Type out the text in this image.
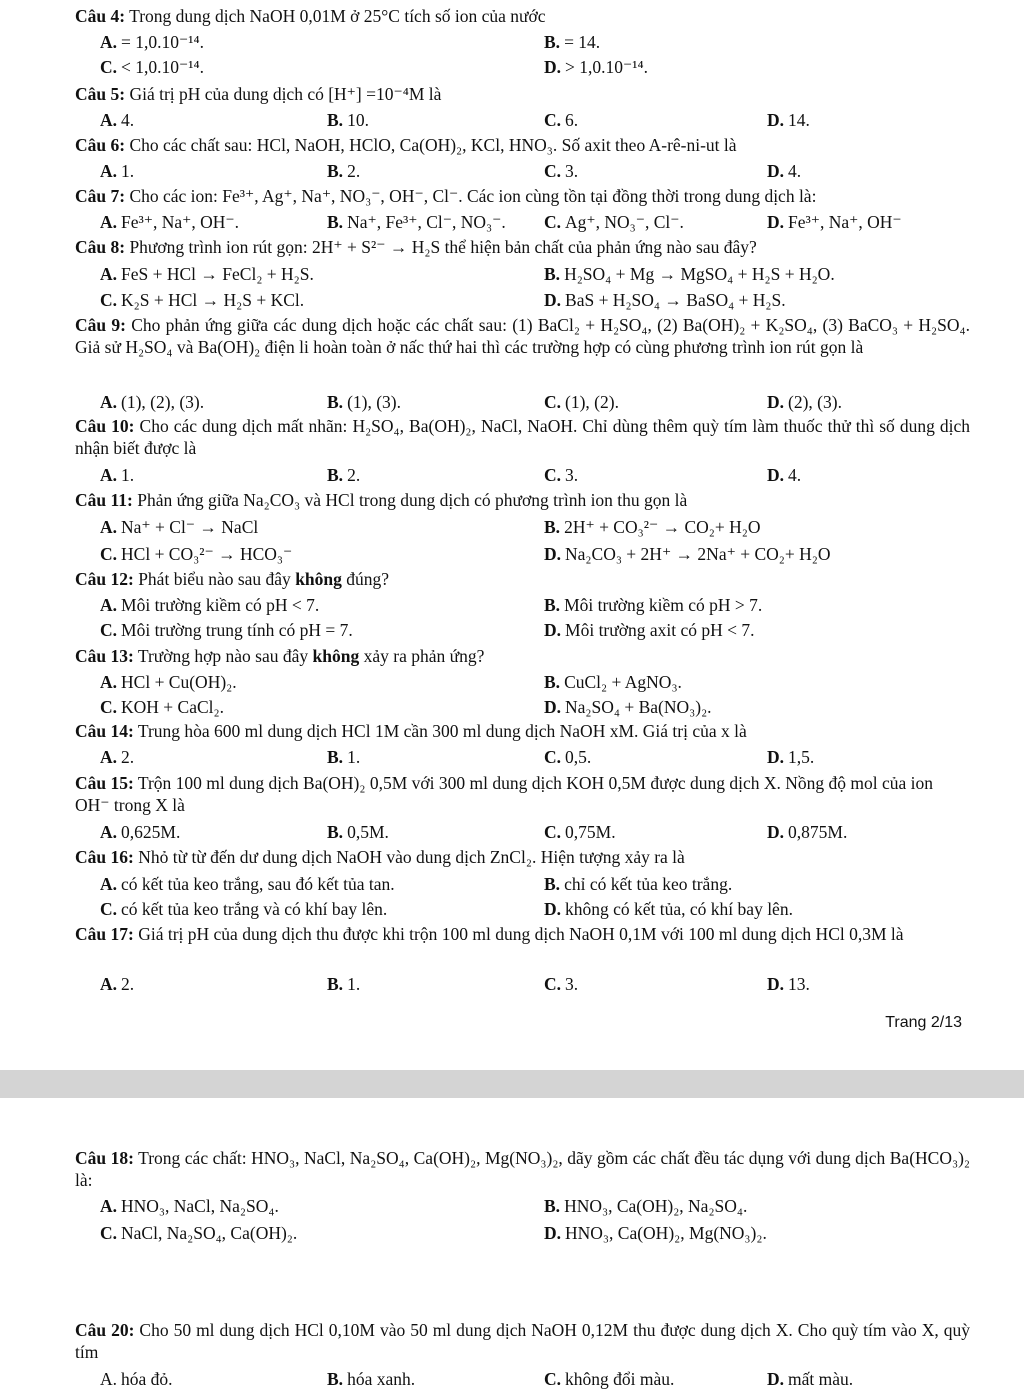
Câu 4: Trong dung dịch NaOH 0,01M ở 25°C tích số ion của nước
A. = 1,0.10⁻¹⁴.	B. = 14.
C. < 1,0.10⁻¹⁴.	D. > 1,0.10⁻¹⁴.
Câu 5: Giá trị pH của dung dịch có [H⁺] =10⁻⁴M là
A. 4.	B. 10.	C. 6.	D. 14.
Câu 6: Cho các chất sau: HCl, NaOH, HClO, Ca(OH)₂, KCl, HNO₃. Số axit theo A-rê-ni-ut là
A. 1.	B. 2.	C. 3.	D. 4.
Câu 7: Cho các ion: Fe³⁺, Ag⁺, Na⁺, NO₃⁻, OH⁻, Cl⁻. Các ion cùng tồn tại đồng thời trong dung dịch là:
A. Fe³⁺, Na⁺, OH⁻.	B. Na⁺, Fe³⁺, Cl⁻, NO₃⁻. C. Ag⁺, NO₃⁻, Cl⁻.	D. Fe³⁺, Na⁺, OH⁻
Câu 8: Phương trình ion rút gọn: 2H⁺ + S²⁻ → H₂S thể hiện bản chất của phản ứng nào sau đây?
A. FeS + HCl → FeCl₂ + H₂S.	B. H₂SO₄ + Mg → MgSO₄ + H₂S + H₂O.
C. K₂S + HCl → H₂S + KCl.	D. BaS + H₂SO₄ → BaSO₄ + H₂S.
Câu 9: Cho phản ứng giữa các dung dịch hoặc các chất sau: (1) BaCl₂ + H₂SO₄, (2) Ba(OH)₂ + K₂SO₄, (3) BaCO₃ + H₂SO₄. Giả sử H₂SO₄ và Ba(OH)₂ điện li hoàn toàn ở nấc thứ hai thì các trường hợp có cùng phương trình ion rút gọn là
A. (1), (2), (3).	B. (1), (3).	C. (1), (2).	D. (2), (3).
Câu 10: Cho các dung dịch mất nhãn: H₂SO₄, Ba(OH)₂, NaCl, NaOH. Chỉ dùng thêm quỳ tím làm thuốc thử thì số dung dịch nhận biết được là
A. 1.	B. 2.	C. 3.	D. 4.
Câu 11: Phản ứng giữa Na₂CO₃ và HCl trong dung dịch có phương trình ion thu gọn là
A. Na⁺ + Cl⁻ → NaCl	B. 2H⁺ + CO₃²⁻ → CO₂+ H₂O
C. HCl + CO₃²⁻ → HCO₃⁻	D. Na₂CO₃ + 2H⁺ → 2Na⁺ + CO₂+ H₂O
Câu 12: Phát biểu nào sau đây không đúng?
A. Môi trường kiềm có pH < 7.	B. Môi trường kiềm có pH > 7.
C. Môi trường trung tính có pH = 7.	D. Môi trường axit có pH < 7.
Câu 13: Trường hợp nào sau đây không xảy ra phản ứng?
A. HCl + Cu(OH)₂.	B. CuCl₂ + AgNO₃.
C. KOH + CaCl₂.	D. Na₂SO₄ + Ba(NO₃)₂.
Câu 14: Trung hòa 600 ml dung dịch HCl 1M cần 300 ml dung dịch NaOH xM. Giá trị của x là
A. 2.	B. 1.	C. 0,5.	D. 1,5.
Câu 15: Trộn 100 ml dung dịch Ba(OH)₂ 0,5M với 300 ml dung dịch KOH 0,5M được dung dịch X. Nồng độ mol của ion OH⁻ trong X là
A. 0,625M.	B. 0,5M.	C. 0,75M.	D. 0,875M.
Câu 16: Nhỏ từ từ đến dư dung dịch NaOH vào dung dịch ZnCl₂. Hiện tượng xảy ra là
A. có kết tủa keo trắng, sau đó kết tủa tan.	B. chỉ có kết tủa keo trắng.
C. có kết tủa keo trắng và có khí bay lên.	D. không có kết tủa, có khí bay lên.
Câu 17: Giá trị pH của dung dịch thu được khi trộn 100 ml dung dịch NaOH 0,1M với 100 ml dung dịch HCl 0,3M là
A. 2.	B. 1.	C. 3.	D. 13.
Trang 2/13
Câu 18: Trong các chất: HNO₃, NaCl, Na₂SO₄, Ca(OH)₂, Mg(NO₃)₂, dãy gồm các chất đều tác dụng với dung dịch Ba(HCO₃)₂ là:
A. HNO₃, NaCl, Na₂SO₄.	B. HNO₃, Ca(OH)₂, Na₂SO₄.
C. NaCl, Na₂SO₄, Ca(OH)₂.	D. HNO₃, Ca(OH)₂, Mg(NO₃)₂.
Câu 20: Cho 50 ml dung dịch HCl 0,10M vào 50 ml dung dịch NaOH 0,12M thu được dung dịch X. Cho quỳ tím vào X, quỳ tím
A. hóa đỏ.	B. hóa xanh.	C. không đổi màu.	D. mất màu.
